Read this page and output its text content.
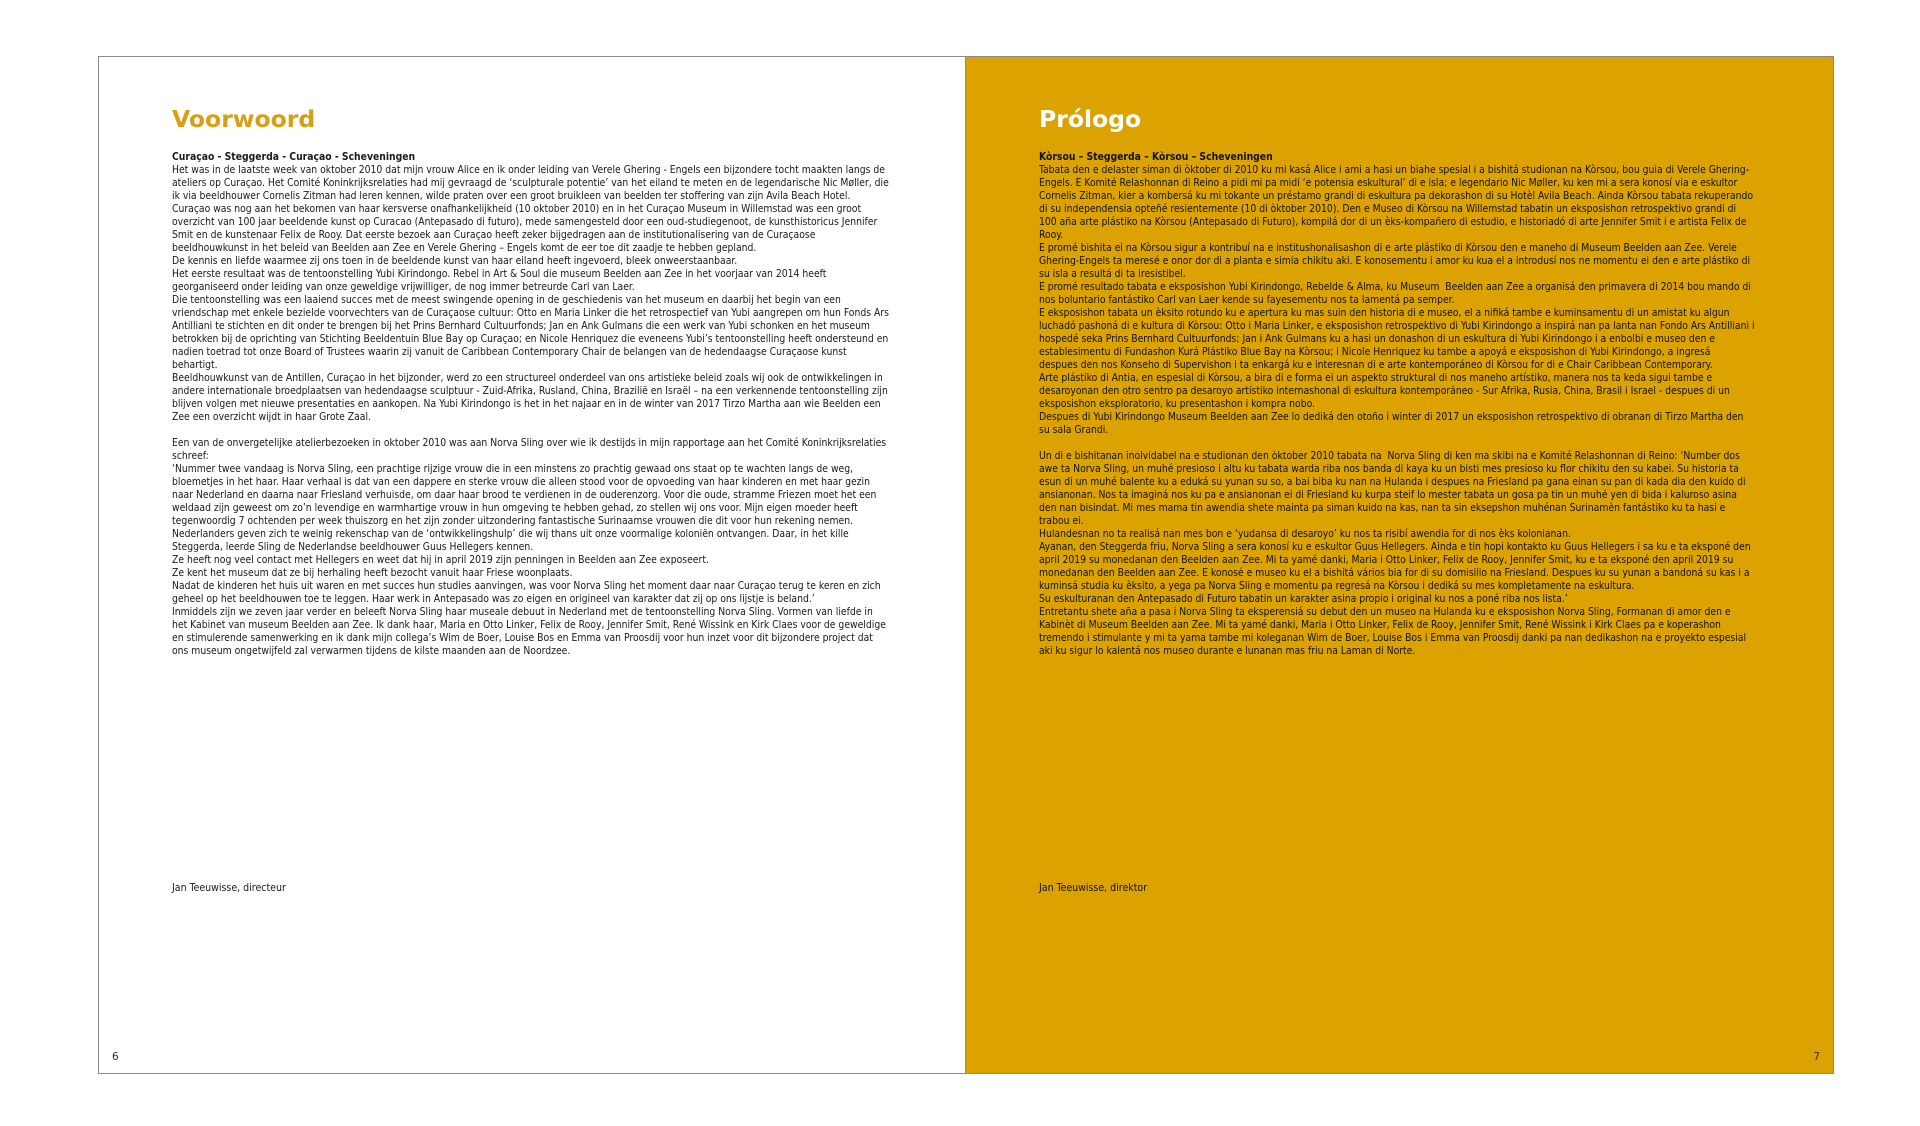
Voorwoord

Curaçao - Steggerda - Curaçao - Scheveningen

Het was in de laatste week van oktober 2010 dat mijn vrouw Alice en ik onder leiding van Verele Ghering - Engels een bijzondere tocht maakten langs de ateliers op Curaçao. Het Comité Koninkrijksrelaties had mij gevraagd de ‘sculpturale potentie’ van het eiland te meten en de legendarische Nic Møller, die ik via beeldhouwer Cornelis Zitman had leren kennen, wilde praten over een groot bruikleen van beelden ter stoffering van zijn Avila Beach Hotel. Curaçao was nog aan het bekomen van haar kersverse onafhankelijkheid (10 oktober 2010) en in het Curaçao Museum in Willemstad was een groot overzicht van 100 jaar beeldende kunst op Curacao (Antepasado di futuro), mede samengesteld door een oud-studiegenoot, de kunsthistoricus Jennifer Smit en de kunstenaar Felix de Rooy. Dat eerste bezoek aan Curaçao heeft zeker bijgedragen aan de institutionalisering van de Curaçaose beeldhouwkunst in het beleid van Beelden aan Zee en Verele Ghering – Engels komt de eer toe dit zaadje te hebben gepland.

De kennis en liefde waarmee zij ons toen in de beeldende kunst van haar eiland heeft ingevoerd, bleek onweerstaanbaar.

Het eerste resultaat was de tentoonstelling Yubi Kirindongo. Rebel in Art & Soul die museum Beelden aan Zee in het voorjaar van 2014 heeft georganiseerd onder leiding van onze geweldige vrijwilliger, de nog immer betreurde Carl van Laer.

Die tentoonstelling was een laaiend succes met de meest swingende opening in de geschiedenis van het museum en daarbij het begin van een vriendschap met enkele bezielde voorvechters van de Curaçaose cultuur: Otto en Maria Linker die het retrospectief van Yubi aangrepen om hun Fonds Ars Antilliani te stichten en dit onder te brengen bij het Prins Bernhard Cultuurfonds; Jan en Ank Gulmans die een werk van Yubi schonken en het museum betrokken bij de oprichting van Stichting Beeldentuin Blue Bay op Curaçao; en Nicole Henriquez die eveneens Yubi’s tentoonstelling heeft ondersteund en nadien toetrad tot onze Board of Trustees waarin zij vanuit de Caribbean Contemporary Chair de belangen van de hedendaagse Curaçaose kunst behartigt.

Beeldhouwkunst van de Antillen, Curaçao in het bijzonder, werd zo een structureel onderdeel van ons artistieke beleid zoals wij ook de ontwikkelingen in andere internationale broedplaatsen van hedendaagse sculptuur - Zuid-Afrika, Rusland, China, Brazilië en Israël – na een verkennende tentoonstelling zijn blijven volgen met nieuwe presentaties en aankopen. Na Yubi Kirindongo is het in het najaar en in de winter van 2017 Tirzo Martha aan wie Beelden een Zee een overzicht wijdt in haar Grote Zaal.

Een van de onvergetelijke atelierbezoeken in oktober 2010 was aan Norva Sling over wie ik destijds in mijn rapportage aan het Comité Koninkrijksrelaties schreef:

‘Nummer twee vandaag is Norva Sling, een prachtige rijzige vrouw die in een minstens zo prachtig gewaad ons staat op te wachten langs de weg, bloemetjes in het haar. Haar verhaal is dat van een dappere en sterke vrouw die alleen stood voor de opvoeding van haar kinderen en met haar gezin naar Nederland en daarna naar Friesland verhuisde, om daar haar brood te verdienen in de ouderenzorg. Voor die oude, stramme Friezen moet het een weldaad zijn geweest om zo’n levendige en warmhartige vrouw in hun omgeving te hebben gehad, zo stellen wij ons voor. Mijn eigen moeder heeft tegenwoordig 7 ochtenden per week thuiszorg en het zijn zonder uitzondering fantastische Surinaamse vrouwen die dit voor hun rekening nemen.

Nederlanders geven zich te weinig rekenschap van de ‘ontwikkelingshulp’ die wij thans uit onze voormalige koloniën ontvangen. Daar, in het kille Steggerda, leerde Sling de Nederlandse beeldhouwer Guus Hellegers kennen.

Ze heeft nog veel contact met Hellegers en weet dat hij in april 2019 zijn penningen in Beelden aan Zee exposeert.

Ze kent het museum dat ze bij herhaling heeft bezocht vanuit haar Friese woonplaats.

Nadat de kinderen het huis uit waren en met succes hun studies aanvingen, was voor Norva Sling het moment daar naar Curaçao terug te keren en zich geheel op het beeldhouwen toe te leggen. Haar werk in Antepasado was zo eigen en origineel van karakter dat zij op ons lijstje is beland.’

Inmiddels zijn we zeven jaar verder en beleeft Norva Sling haar museale debuut in Nederland met de tentoonstelling Norva Sling. Vormen van liefde in het Kabinet van museum Beelden aan Zee. Ik dank haar, Maria en Otto Linker, Felix de Rooy, Jennifer Smit, René Wissink en Kirk Claes voor de geweldige en stimulerende samenwerking en ik dank mijn collega’s Wim de Boer, Louise Bos en Emma van Proosdij voor hun inzet voor dit bijzondere project dat ons museum ongetwijfeld zal verwarmen tijdens de kilste maanden aan de Noordzee.

Jan Teeuwisse, directeur
6
Prólogo

Kòrsou – Steggerda – Kòrsou – Scheveningen

Tabata den e delaster siman di òktober di 2010 ku mi kasá Alice i ami a hasi un biahe spesial i a bishitá studionan na Kòrsou, bou guia di Verele Ghering- Engels. E Komité Relashonnan di Reino a pidi mi pa midi ‘e potensia eskultural’ di e isla; e legendario Nic Møller, ku ken mi a sera konosí via e eskultor Cornelis Zitman, kier a kombersá ku mi tokante un préstamo grandi di eskultura pa dekorashon di su Hotèl Avila Beach. Ainda Kòrsou tabata rekuperando di su independensia opteñé resientemente (10 di òktober 2010). Den e Museo di Kòrsou na Willemstad tabatin un eksposishon retrospektivo grandi di  100 aña arte plástiko na Kòrsou (Antepasado di Futuro), kompilá dor di un èks-kompañero di estudio, e historiadó di arte Jennifer Smit i e artista Felix de Rooy.

E promé bishita ei na Kòrsou sigur a kontribuí na e institushonalisashon di e arte plástiko di Kòrsou den e maneho di Museum Beelden aan Zee. Verele Ghering-Engels ta meresé e onor dor di a planta e simia chikitu aki. E konosementu i amor ku kua el a introdusí nos ne momentu ei den e arte plástiko di su isla a resultá di ta iresistibel.

E promé resultado tabata e eksposishon Yubi Kirindongo, Rebelde & Alma, ku Museum  Beelden aan Zee a organisá den primavera di 2014 bou mando di nos boluntario fantástiko Carl van Laer kende su fayesementu nos ta lamentá pa semper.

E eksposishon tabata un èksito rotundo ku e apertura ku mas suin den historia di e museo, el a nifiká tambe e kuminsamentu di un amistat ku algun luchadó pashoná di e kultura di Kòrsou: Otto i Maria Linker, e eksposishon retrospektivo di Yubi Kirindongo a inspirá nan pa lanta nan Fondo Ars Antilliani i hospedé seka Prins Bernhard Cultuurfonds; Jan i Ank Gulmans ku a hasi un donashon di un eskultura di Yubi Kirindongo i a enbolbi e museo den e establesimentu di Fundashon Kurá Plástiko Blue Bay na Kòrsou; i Nicole Henriquez ku tambe a apoyá e eksposishon di Yubi Kirindongo, a ingresá

despues den nos Konseho di Supervishon i ta enkargá ku e interesnan di e arte kontemporáneo di Kòrsou for di e Chair Caribbean Contemporary.

Arte plástiko di Antia, en espesial di Kòrsou, a bira di e forma ei un aspekto struktural di nos maneho artístiko, manera nos ta keda sigui tambe e desaroyonan den otro sentro pa desaroyo artístiko internashonal di eskultura kontemporáneo - Sur Afrika, Rusia, China, Brasil i Israel - despues di un eksposishon eksploratorio, ku presentashon i kompra nobo.

Despues di Yubi Kirindongo Museum Beelden aan Zee lo dediká den otoño i winter di 2017 un eksposishon retrospektivo di obranan di Tirzo Martha den su sala Grandi.

Un di e bishitanan inolvidabel na e studionan den òktober 2010 tabata na  Norva Sling di ken ma skibi na e Komité Relashonnan di Reino: ‘Number dos awe ta Norva Sling, un muhé presioso i altu ku tabata warda riba nos banda di kaya ku un bisti mes presioso ku flor chikitu den su kabei. Su historia ta esun di un muhé balente ku a eduká su yunan su so, a bai biba ku nan na Hulanda i despues na Friesland pa gana einan su pan di kada dia den kuido di ansianonan. Nos ta imaginá nos ku pa e ansianonan ei di Friesland ku kurpa steif lo mester tabata un gosa pa tin un muhé yen di bida i kaluroso asina den nan bisindat. Mi mes mama tin awendia shete mainta pa siman kuido na kas, nan ta sin eksepshon muhénan Surinamèn fantástiko ku ta hasi e trabou ei.

Hulandesnan no ta realisá nan mes bon e ‘yudansa di desaroyo’ ku nos ta risibí awendia for di nos èks kolonianan.

Ayanan, den Steggerda friu, Norva Sling a sera konosí ku e eskultor Guus Hellegers. Ainda e tin hopi kontakto ku Guus Hellegers i sa ku e ta eksponé den april 2019 su monedanan den Beelden aan Zee. Mi ta yamé danki, Maria i Otto Linker, Felix de Rooy, Jennifer Smit, ku e ta eksponé den april 2019 su monedanan den Beelden aan Zee. E konosé e museo ku el a bishitá vários bia for di su domisilio na Friesland. Despues ku su yunan a bandoná su kas i a kuminsá studia ku èksito, a yega pa Norva Sling e momentu pa regresá na Kòrsou i dediká su mes kompletamente na eskultura.

Su eskulturanan den Antepasado di Futuro tabatin un karakter asina propio i original ku nos a poné riba nos lista.’

Entretantu shete aña a pasa i Norva Sling ta eksperensiá su debut den un museo na Hulanda ku e eksposishon Norva Sling, Formanan di amor den e Kabinèt di Museum Beelden aan Zee. Mi ta yamé danki, Maria i Otto Linker, Felix de Rooy, Jennifer Smit, René Wissink i Kirk Claes pa e koperashon tremendo i stimulante y mi ta yama tambe mi koleganan Wim de Boer, Louise Bos i Emma van Proosdij danki pa nan dedikashon na e proyekto espesial aki ku sigur lo kalentá nos museo durante e lunanan mas friu na Laman di Norte.

Jan Teeuwisse, direktor
7
